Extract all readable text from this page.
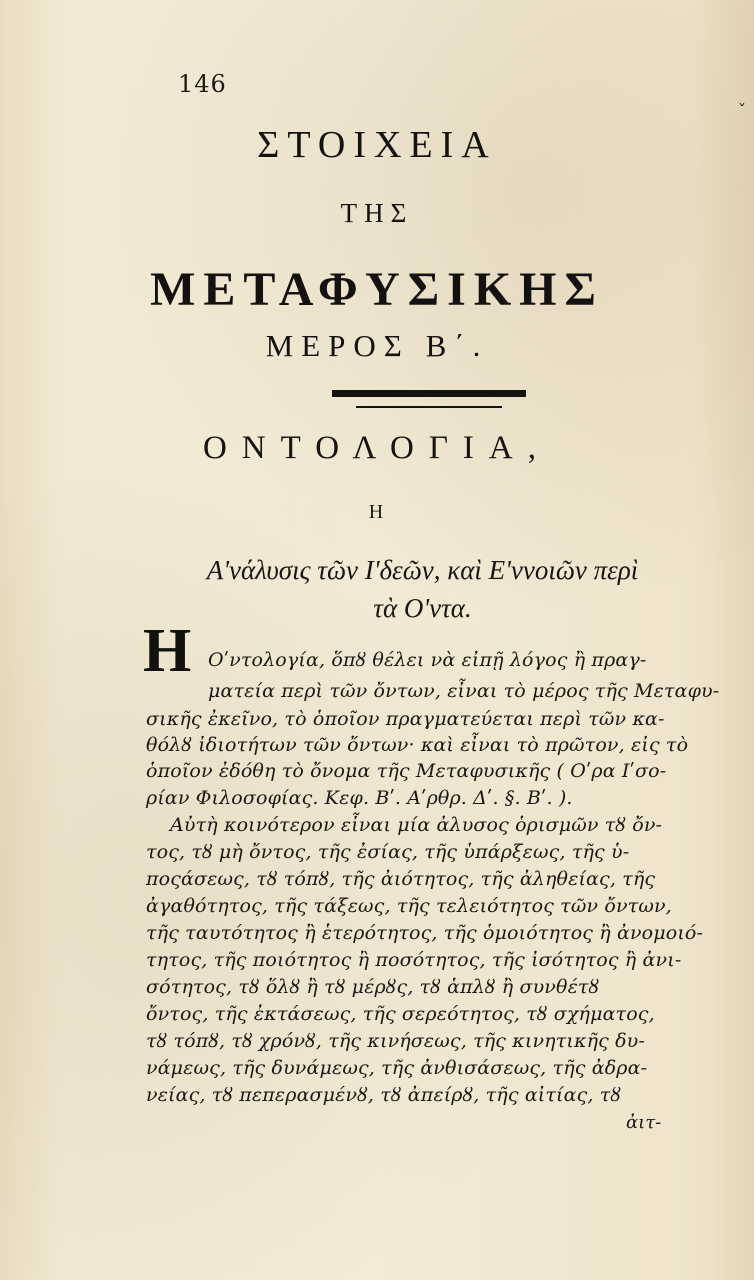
146	˯
ΣΤΟΙΧΕΙΑ
ΤΗΣ
ΜΕΤΑΦΥΣΙΚΗΣ
ΜΕΡΟΣ Β΄.
ΟΝΤΟΛΟΓΙΑ,
Η
Αʹνάλυσις τῶν Ιʹδεῶν, καὶ Εʹννοιῶν περὶ
τὰ Οʹντα.
Η Οʹντολογία, ὅπȣ θέλει νὰ εἰπῇ λόγος ἢ πραγ-
ματεία περὶ τῶν ὄντων, εἶναι τὸ μέρος τῆς Μεταφυ-
σικῆς ἐκεῖνο, τὸ ὁποῖον πραγματεύεται περὶ τῶν κα-
θόλȣ ἰδιοτήτων τῶν ὄντων· καὶ εἶναι τὸ πρῶτον, εἰς τὸ
ὁποῖον ἐδόθη τὸ ὄνομα τῆς Μεταφυσικῆς ( Οʹρα Ιʹσο-
ρίαν Φιλοσοφίας. Κεφ. Βʹ. Αʹρθρ. Δʹ. §. Βʹ. ).
Αὐτὴ κοινότερον εἶναι μία ἀλυσος ὁρισμῶν τȣ ὄν-
τος, τȣ μὴ ὄντος, τῆς ἐσίας, τῆς ὑπάρξεως, τῆς ὑ-
ποςάσεως, τȣ τόπȣ, τῆς ἀιότητος, τῆς ἀληθείας, τῆς
ἀγαθότητος, τῆς τάξεως, τῆς τελειότητος τῶν ὄντων,
τῆς ταυτότητος ἢ ἑτερότητος, τῆς ὁμοιότητος ἢ ἀνομοιό-
τητος, τῆς ποιότητος ἢ ποσότητος, τῆς ἰσότητος ἢ ἀνι-
σότητος, τȣ ὅλȣ ἢ τȣ μέρȣς, τȣ ἁπλȣ ἢ συνθέτȣ
ὄντος, τῆς ἐκτάσεως, τῆς σερεότητος, τȣ σχήματος,
τȣ τόπȣ, τȣ χρόνȣ, τῆς κινήσεως, τῆς κινητικῆς δυ-
νάμεως, τῆς δυνάμεως, τῆς ἀνθισάσεως, τῆς ἀδρα-
νείας, τȣ πεπερασμένȣ, τȣ ἀπείρȣ, τῆς αἰτίας, τȣ
ἀιτ-
